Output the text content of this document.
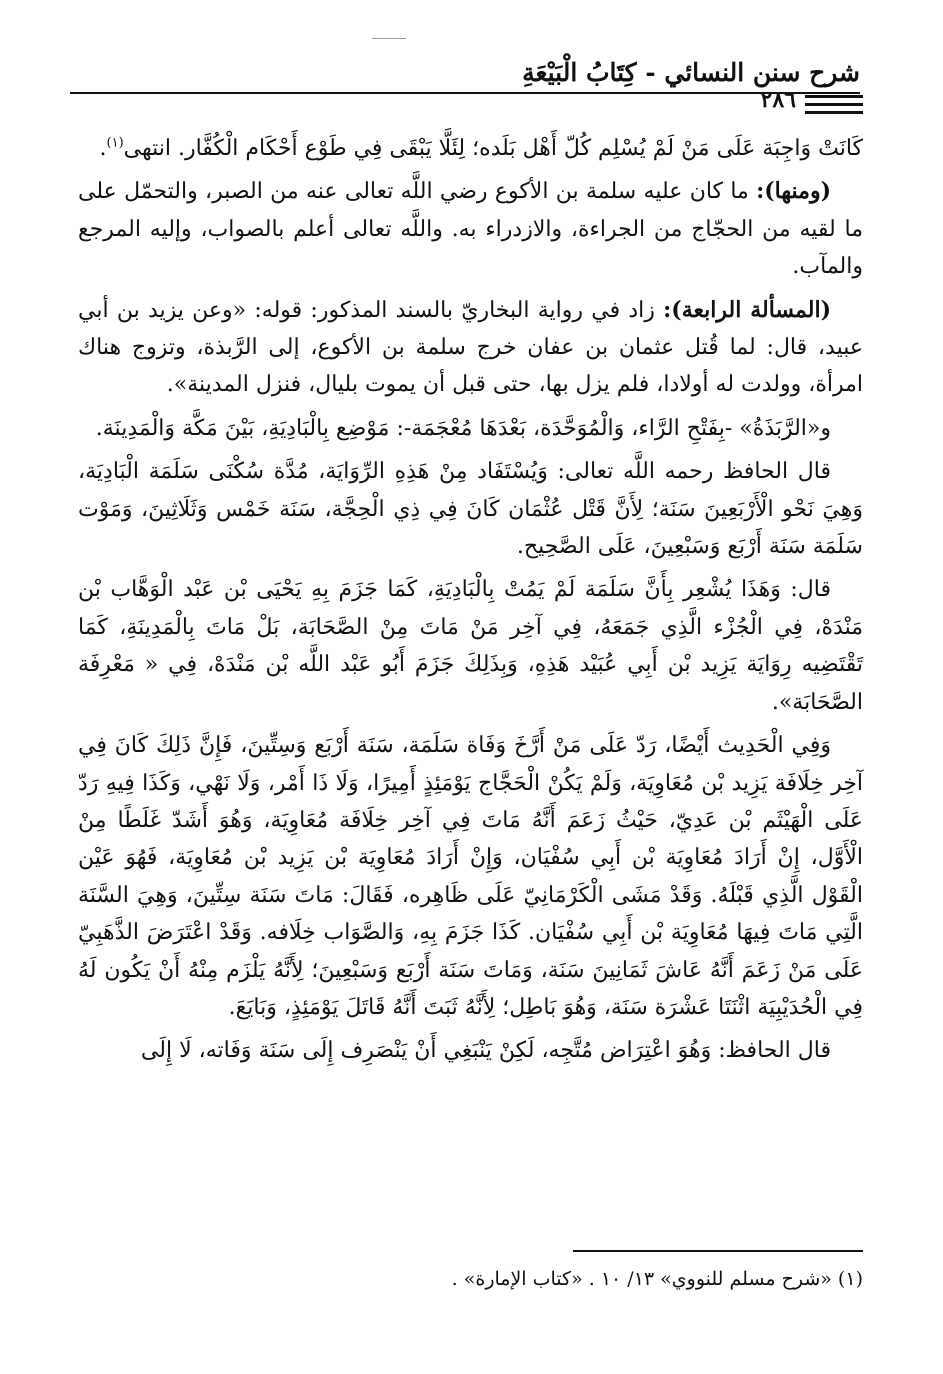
شرح سنن النسائي - كِتَابُ الْبَيْعَةِ
٢٨٦

كَانَتْ وَاجِبَة عَلَى مَنْ لَمْ يُسْلِم كُلّ أَهْل بَلَده؛ لِئَلَّا يَبْقَى فِي طَوْع أَحْكَام الْكُفَّار. انتهى$^{(١)}$.

(ومنها): ما كان عليه سلمة بن الأكوع رضي اللَّه تعالى عنه من الصبر، والتحمّل على ما لقيه من الحجّاج من الجراءة، والازدراء به. واللَّه تعالى أعلم بالصواب، وإليه المرجع والمآب.

(المسألة الرابعة): زاد في رواية البخاريّ بالسند المذكور: قوله: «وعن يزيد بن أبي عبيد، قال: لما قُتل عثمان بن عفان خرج سلمة بن الأكوع، إلى الرَّبذة، وتزوج هناك امرأة، وولدت له أولادا، فلم يزل بها، حتى قبل أن يموت بليال، فنزل المدينة».

و«الرَّبَذَةُ» -بِفَتْحِ الرَّاء، وَالْمُوَحَّدَة، بَعْدَهَا مُعْجَمَة-: مَوْضِع بِالْبَادِيَةِ، بَيْنَ مَكَّة وَالْمَدِينَة.

قال الحافظ رحمه اللَّه تعالى: وَيُسْتَفَاد مِنْ هَذِهِ الرِّوَايَة، مُدَّة سُكْنَى سَلَمَة الْبَادِيَة، وَهِيَ نَحْو الْأَرْبَعِينَ سَنَة؛ لِأَنَّ قَتْل عُثْمَان كَانَ فِي ذِي الْحِجَّة، سَنَة خَمْس وَثَلَاثِينَ، وَمَوْت سَلَمَة سَنَة أَرْبَع وَسَبْعِينَ، عَلَى الصَّحِيح.

قال: وَهَذَا يُشْعِر بِأَنَّ سَلَمَة لَمْ يَمُتْ بِالْبَادِيَةِ، كَمَا جَزَمَ بِهِ يَحْيَى بْن عَبْد الْوَهَّاب بْن مَنْدَهْ، فِي الْجُزْء الَّذِي جَمَعَهُ، فِي آخِر مَنْ مَاتَ مِنْ الصَّحَابَة، بَلْ مَاتَ بِالْمَدِينَةِ، كَمَا تَقْتَضِيه رِوَايَة يَزِيد بْن أَبِي عُبَيْد هَذِهِ، وَبِذَلِكَ جَزَمَ أَبُو عَبْد اللَّه بْن مَنْدَهْ، فِي « مَعْرِفَة الصَّحَابَة».

وَفِي الْحَدِيث أَيْضًا، رَدّ عَلَى مَنْ أَرَّخَ وَفَاة سَلَمَة، سَنَة أَرْبَع وَسِتِّينَ، فَإِنَّ ذَلِكَ كَانَ فِي آخِر خِلَافَة يَزِيد بْن مُعَاوِيَة، وَلَمْ يَكُنْ الْحَجَّاج يَوْمَئِذٍ أَمِيرًا، وَلَا ذَا أَمْر، وَلَا نَهْي، وَكَذَا فِيهِ رَدّ عَلَى الْهَيْثَم بْن عَدِيّ، حَيْثُ زَعَمَ أَنَّهُ مَاتَ فِي آخِر خِلَافَة مُعَاوِيَة، وَهُوَ أَشَدّ غَلَطًا مِنْ الْأَوَّل، إِنْ أَرَادَ مُعَاوِيَة بْن أَبِي سُفْيَان، وَإِنْ أَرَادَ مُعَاوِيَة بْن يَزِيد بْن مُعَاوِيَة، فَهُوَ عَيْن الْقَوْل الَّذِي قَبْلَهُ. وَقَدْ مَشَى الْكَرْمَانِيّ عَلَى ظَاهِره، فَقَالَ: مَاتَ سَنَة سِتِّينَ، وَهِيَ السَّنَة الَّتِي مَاتَ فِيهَا مُعَاوِيَة بْن أَبِي سُفْيَان. كَذَا جَزَمَ بِهِ، وَالصَّوَاب خِلَافه. وَقَدْ اعْتَرَضَ الذَّهَبِيّ عَلَى مَنْ زَعَمَ أَنَّهُ عَاشَ ثَمَانِينَ سَنَة، وَمَاتَ سَنَة أَرْبَع وَسَبْعِينَ؛ لِأَنَّهُ يَلْزَم مِنْهُ أَنْ يَكُون لَهُ فِي الْحُدَيْبِيَة اثْنَتَا عَشْرَة سَنَة، وَهُوَ بَاطِل؛ لِأَنَّهُ ثَبَتَ أَنَّهُ قَاتَلَ يَوْمَئِذٍ، وَبَايَعَ.

قال الحافظ: وَهُوَ اعْتِرَاض مُتَّجِه، لَكِنْ يَنْبَغِي أَنْ يَنْصَرِف إِلَى سَنَة وَفَاته، لَا إِلَى

(١) «شرح مسلم للنووي» ١٣/ ١٠ . «كتاب الإمارة» .
